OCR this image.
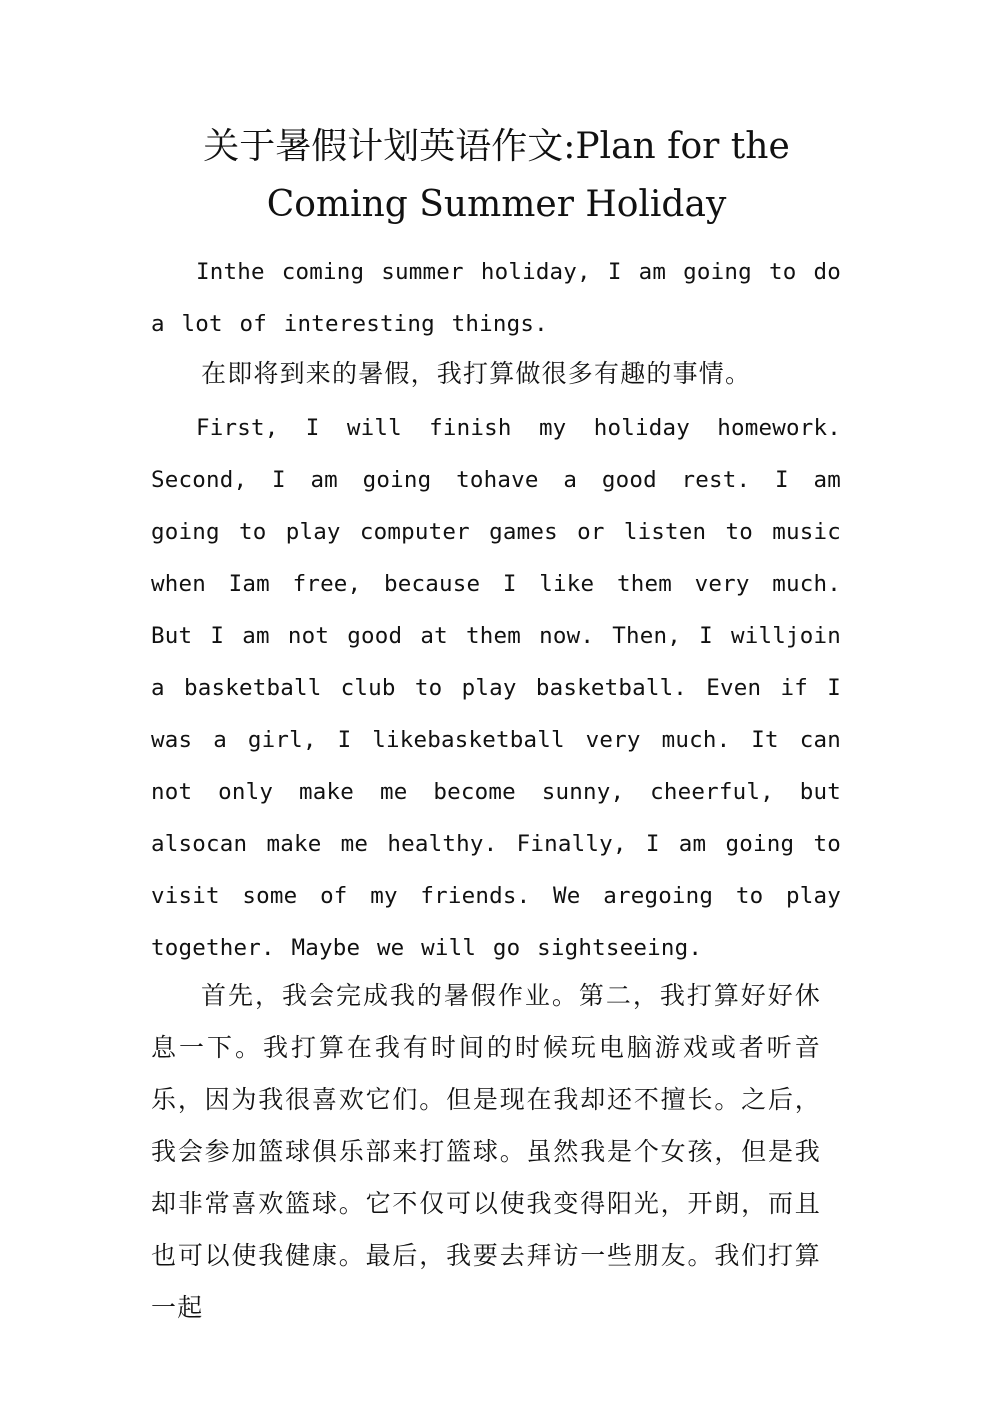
关于暑假计划英语作文:Plan for the
Coming Summer Holiday

Inthe coming summer holiday, I am going to do a lot of interesting things.

在即将到来的暑假，我打算做很多有趣的事情。

First, I will finish my holiday homework. Second, I am going tohave a good rest. I am going to play computer games or listen to music when Iam free, because I like them very much. But I am not good at them now. Then, I willjoin a basketball club to play basketball. Even if I was a girl, I likebasketball very much. It can not only make me become sunny, cheerful, but alsocan make me healthy. Finally, I am going to visit some of my friends. We aregoing to play together. Maybe we will go sightseeing.

首先，我会完成我的暑假作业。第二，我打算好好休息一下。我打算在我有时间的时候玩电脑游戏或者听音乐，因为我很喜欢它们。但是现在我却还不擅长。之后，我会参加篮球俱乐部来打篮球。虽然我是个女孩，但是我却非常喜欢篮球。它不仅可以使我变得阳光，开朗，而且也可以使我健康。最后，我要去拜访一些朋友。我们打算一起
